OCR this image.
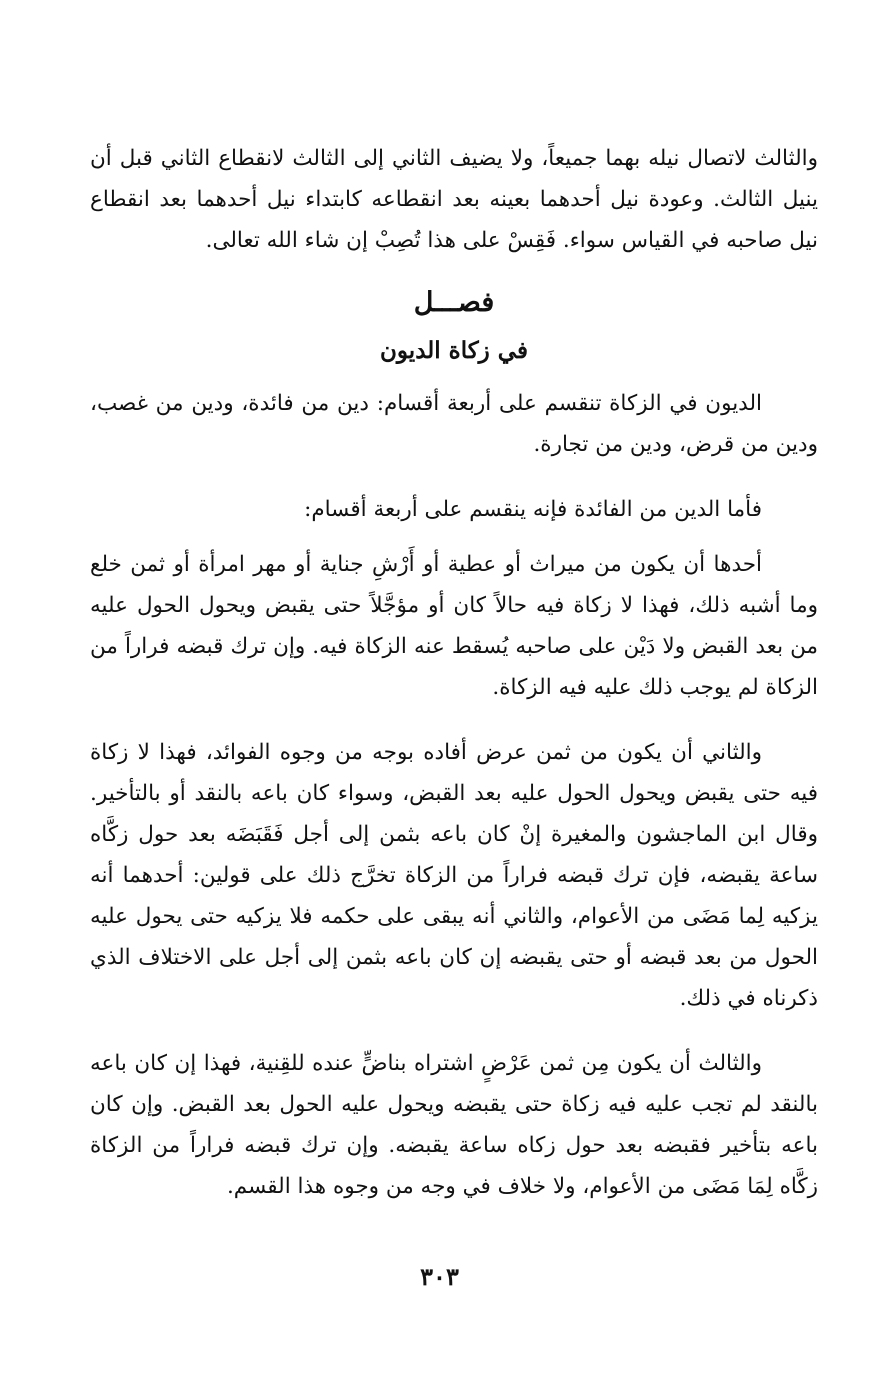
والثالث لاتصال نيله بهما جميعاً، ولا يضيف الثاني إلى الثالث لانقطاع الثاني قبل أن ينيل الثالث. وعودة نيل أحدهما بعينه بعد انقطاعه كابتداء نيل أحدهما بعد انقطاع نيل صاحبه في القياس سواء. فَقِسْ على هذا تُصِبْ إن شاء الله تعالى.

فصـــل
في زكاة الديون

الديون في الزكاة تنقسم على أربعة أقسام: دين من فائدة، ودين من غصب، ودين من قرض، ودين من تجارة.

فأما الدين من الفائدة فإنه ينقسم على أربعة أقسام:

أحدها أن يكون من ميراث أو عطية أو أَرْشِ جناية أو مهر امرأة أو ثمن خلع وما أشبه ذلك، فهذا لا زكاة فيه حالاً كان أو مؤجَّلاً حتى يقبض ويحول الحول عليه من بعد القبض ولا دَيْن على صاحبه يُسقط عنه الزكاة فيه. وإن ترك قبضه فراراً من الزكاة لم يوجب ذلك عليه فيه الزكاة.

والثاني أن يكون من ثمن عرض أفاده بوجه من وجوه الفوائد، فهذا لا زكاة فيه حتى يقبض ويحول الحول عليه بعد القبض، وسواء كان باعه بالنقد أو بالتأخير. وقال ابن الماجشون والمغيرة إنْ كان باعه بثمن إلى أجل فَقَبَضَه بعد حول زكَّاه ساعة يقبضه، فإن ترك قبضه فراراً من الزكاة تخرَّج ذلك على قولين: أحدهما أنه يزكيه لِما مَضَى من الأعوام، والثاني أنه يبقى على حكمه فلا يزكيه حتى يحول عليه الحول من بعد قبضه أو حتى يقبضه إن كان باعه بثمن إلى أجل على الاختلاف الذي ذكرناه في ذلك.

والثالث أن يكون مِن ثمن عَرْضٍ اشتراه بناضٍّ عنده للقِنية، فهذا إن كان باعه بالنقد لم تجب عليه فيه زكاة حتى يقبضه ويحول عليه الحول بعد القبض. وإن كان باعه بتأخير فقبضه بعد حول زكاه ساعة يقبضه. وإن ترك قبضه فراراً من الزكاة زكَّاه لِمَا مَضَى من الأعوام، ولا خلاف في وجه من وجوه هذا القسم.

٣٠٣
